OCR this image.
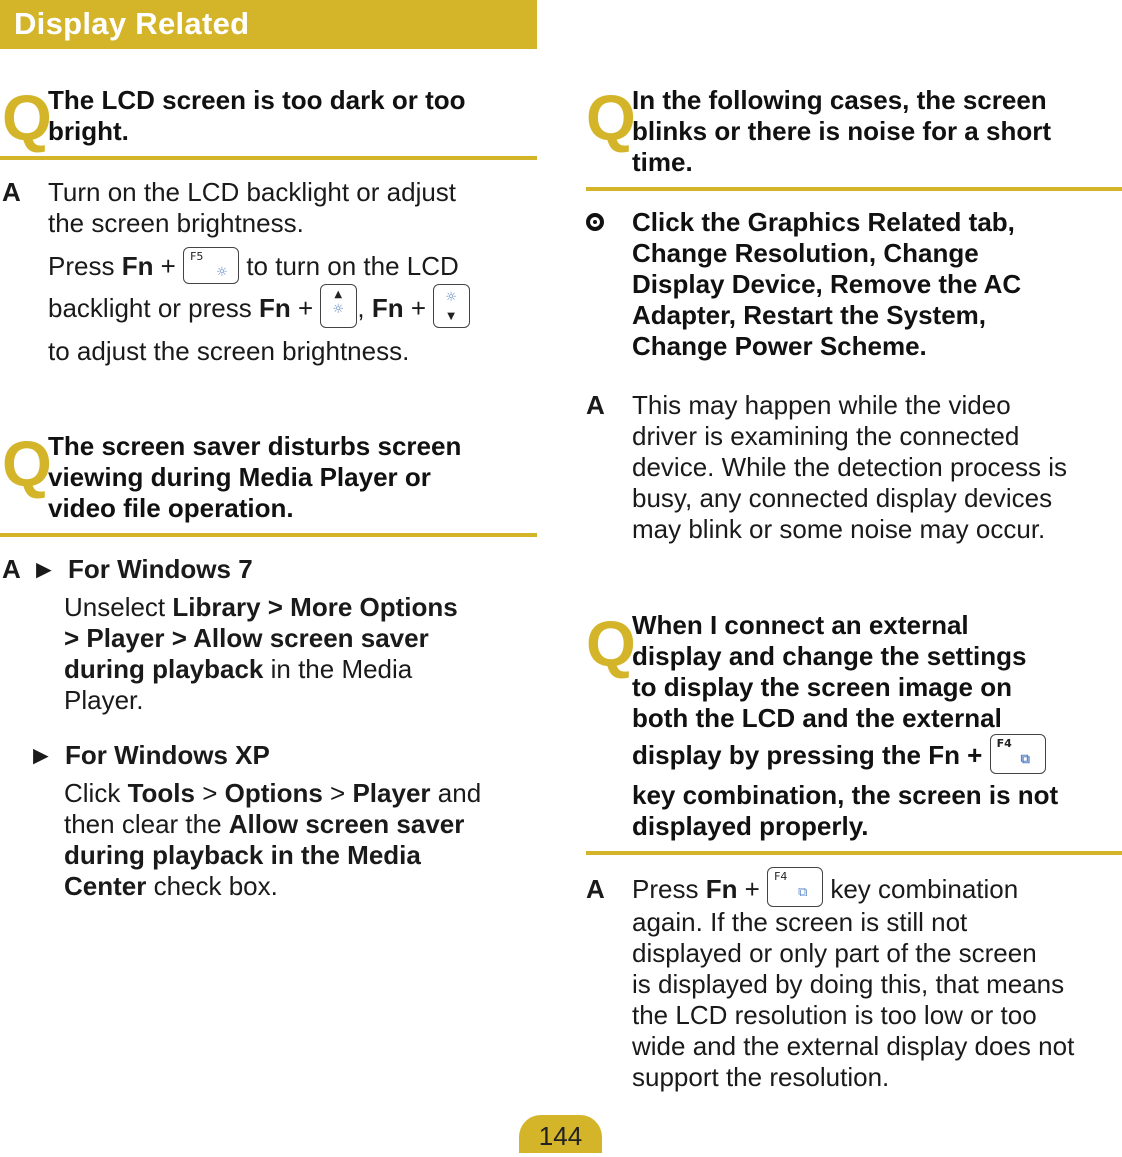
Display Related
Q
The LCD screen is too dark or too
bright.
A Turn on the LCD backlight or adjust
the screen brightness.
Press Fn + F5
☼ to turn on the LCD
backlight or press Fn + ▲
☼ , Fn + ☼
▼
to adjust the screen brightness.
Q
The screen saver disturbs screen
viewing during Media Player or
video file operation.
A ► For Windows 7
Unselect Library > More Options
> Player > Allow screen saver
during playback in the Media
Player.
► For Windows XP
Click Tools > Options > Player and
then clear the Allow screen saver
during playback in the Media
Center check box.
Q
In the following cases, the screen
blinks or there is noise for a short
time.
Click the Graphics Related tab,
Change Resolution, Change
Display Device, Remove the AC
Adapter, Restart the System,
Change Power Scheme.
A This may happen while the video
driver is examining the connected
device. While the detection process is
busy, any connected display devices
may blink or some noise may occur.
Q
When I connect an external
display and change the settings
to display the screen image on
both the LCD and the external
display by pressing the Fn + F4
⧉
key combination, the screen is not
displayed properly.
A Press Fn + F4
⧉ key combination
again. If the screen is still not
displayed or only part of the screen
is displayed by doing this, that means
the LCD resolution is too low or too
wide and the external display does not
support the resolution.
144
